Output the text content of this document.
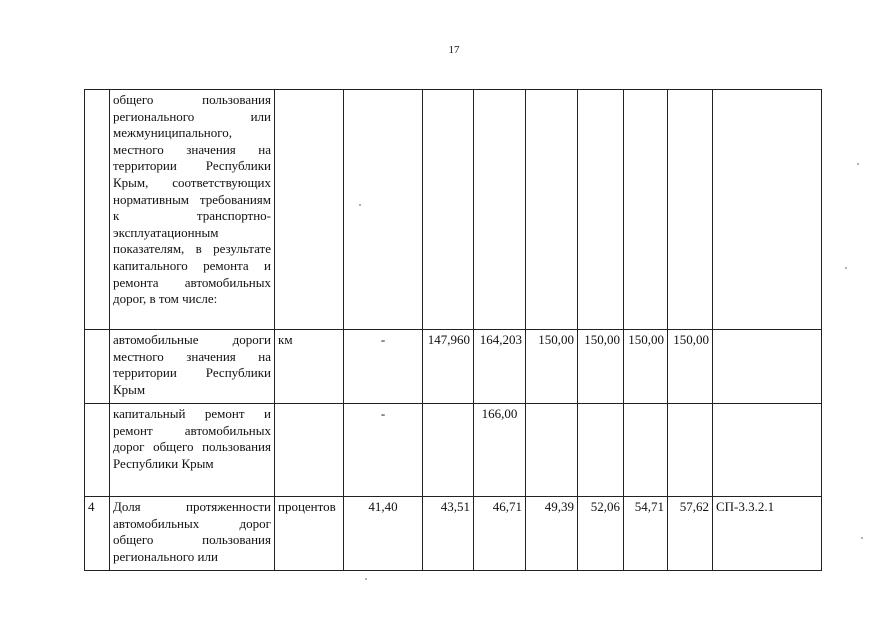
17
	общего пользования регионального или межмуниципального, местного значения на территории Республики Крым, соответствующих нормативным требованиям к транспортно-эксплуатационным показателям, в результате капитального ремонта и ремонта автомобильных дорог, в том числе:									
	автомобильные дороги местного значения на территории Республики Крым	км	-	147,960	164,203	150,00	150,00	150,00	150,00	
	капитальный ремонт и ремонт автомобильных дорог общего пользования Республики Крым		-		166,00					
4	Доля протяженности автомобильных дорог общего пользования регионального или	процентов	41,40	43,51	46,71	49,39	52,06	54,71	57,62	СП-3.3.2.1
